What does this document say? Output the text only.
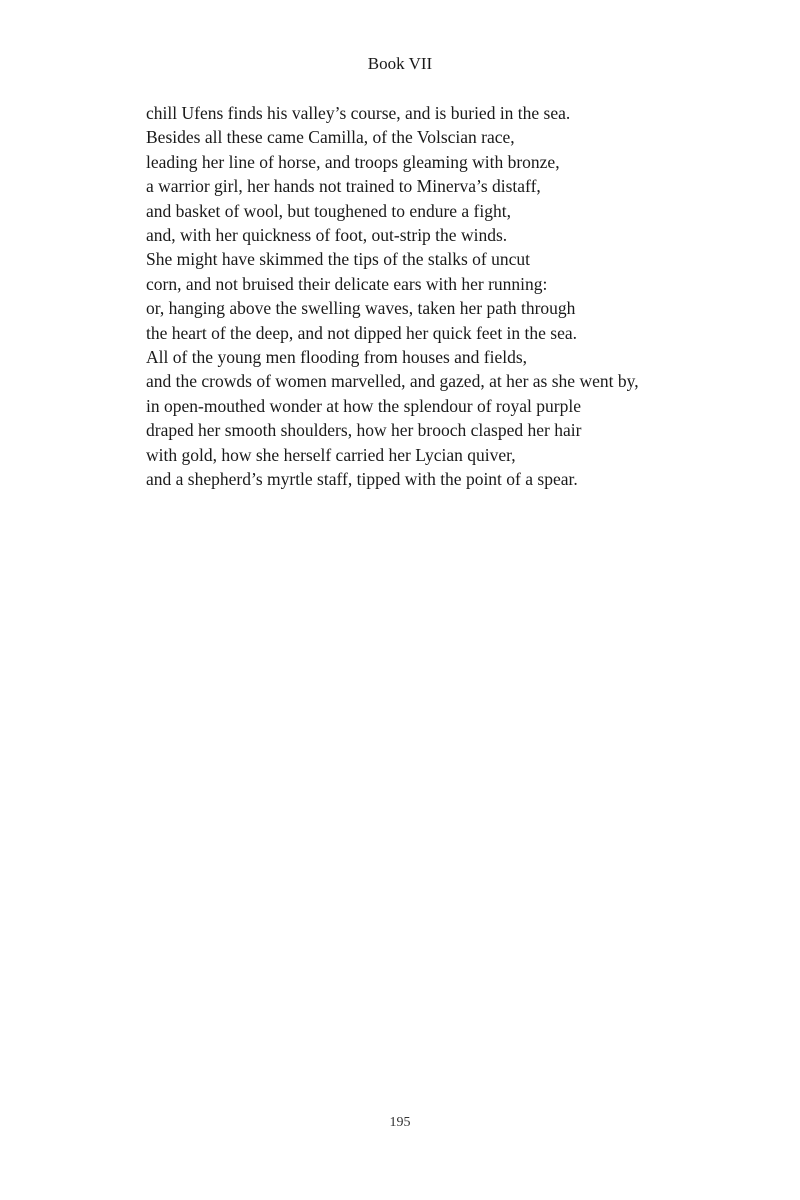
Book VII
chill Ufens finds his valley’s course, and is buried in the sea.
Besides all these came Camilla, of the Volscian race,
leading her line of horse, and troops gleaming with bronze,
a warrior girl, her hands not trained to Minerva’s distaff,
and basket of wool, but toughened to endure a fight,
and, with her quickness of foot, out-strip the winds.
She might have skimmed the tips of the stalks of uncut
corn, and not bruised their delicate ears with her running:
or, hanging above the swelling waves, taken her path through
the heart of the deep, and not dipped her quick feet in the sea.
All of the young men flooding from houses and fields,
and the crowds of women marvelled, and gazed, at her as she went by,
in open-mouthed wonder at how the splendour of royal purple
draped her smooth shoulders, how her brooch clasped her hair
with gold, how she herself carried her Lycian quiver,
and a shepherd’s myrtle staff, tipped with the point of a spear.
195
